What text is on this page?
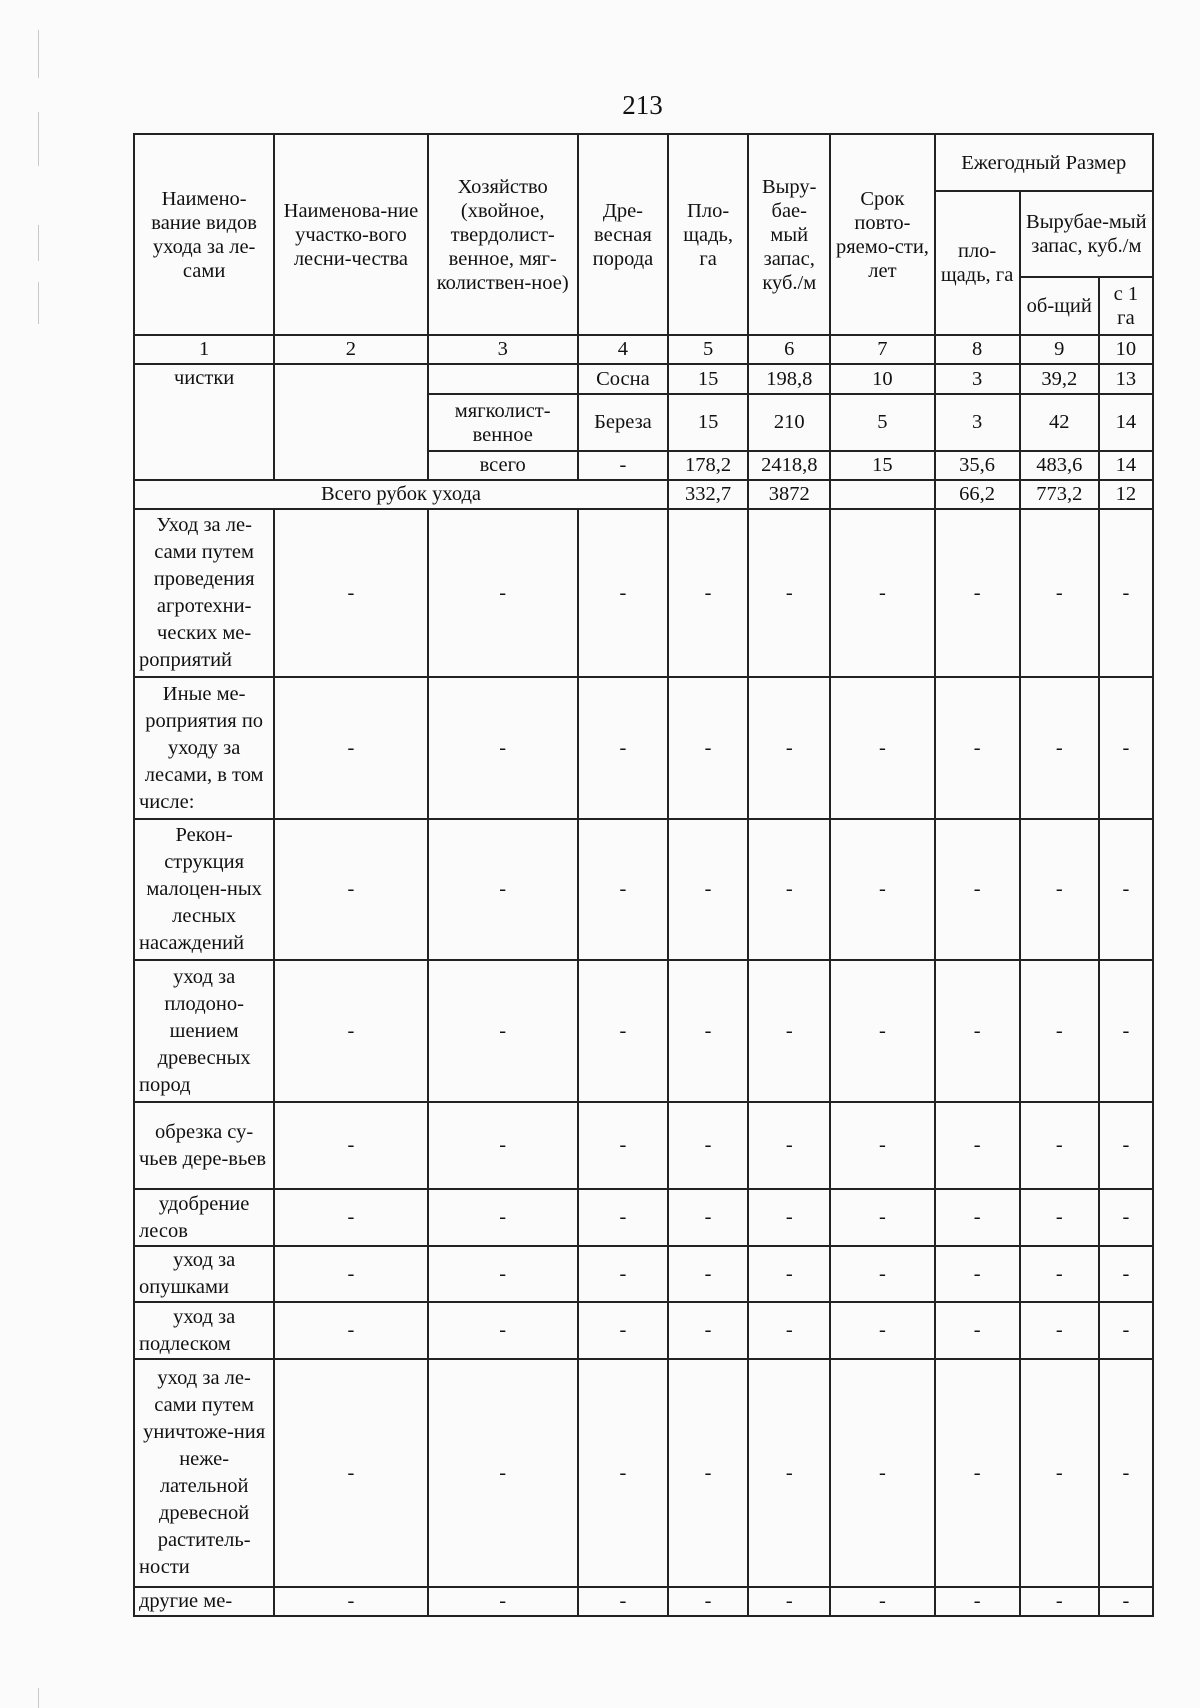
213
Наимено-вание видов ухода за ле-сами	Наименова-ние участко-вого лесни-чества	Хозяйство (хвойное, твердолист-венное, мяг-колиствен-ное)	Дре-весная порода	Пло-щадь, га	Выру-бае-мый запас, куб./м	Срок повто-ряемо-сти, лет	Ежегодный Размер		
							пло-щадь, га	Вырубае-мый запас, куб./м	
								об-щий	с 1 га
1	2	3	4	5	6	7	8	9	10
чистки			Сосна	15	198,8	10	3	39,2	13
		мягколист-венное	Береза	15	210	5	3	42	14
		всего	-	178,2	2418,8	15	35,6	483,6	14
Всего рубок ухода				332,7	3872		66,2	773,2	12
Уход за ле-сами путем проведения агротехни-ческих ме-роприятий	-	-	-	-	-	-	-	-	-
Иные ме-роприятия по уходу за лесами, в том числе:	-	-	-	-	-	-	-	-	-
Рекон-струкция малоцен-ных лесных насаждений	-	-	-	-	-	-	-	-	-
уход за плодоно-шением древесных пород	-	-	-	-	-	-	-	-	-
обрезка су-чьев дере-вьев	-	-	-	-	-	-	-	-	-
удобрение лесов	-	-	-	-	-	-	-	-	-
уход за опушками	-	-	-	-	-	-	-	-	-
уход за подлеском	-	-	-	-	-	-	-	-	-
уход за ле-сами путем уничтоже-ния неже-лательной древесной раститель-ности	-	-	-	-	-	-	-	-	-
другие ме-	-	-	-	-	-	-	-	-	-
